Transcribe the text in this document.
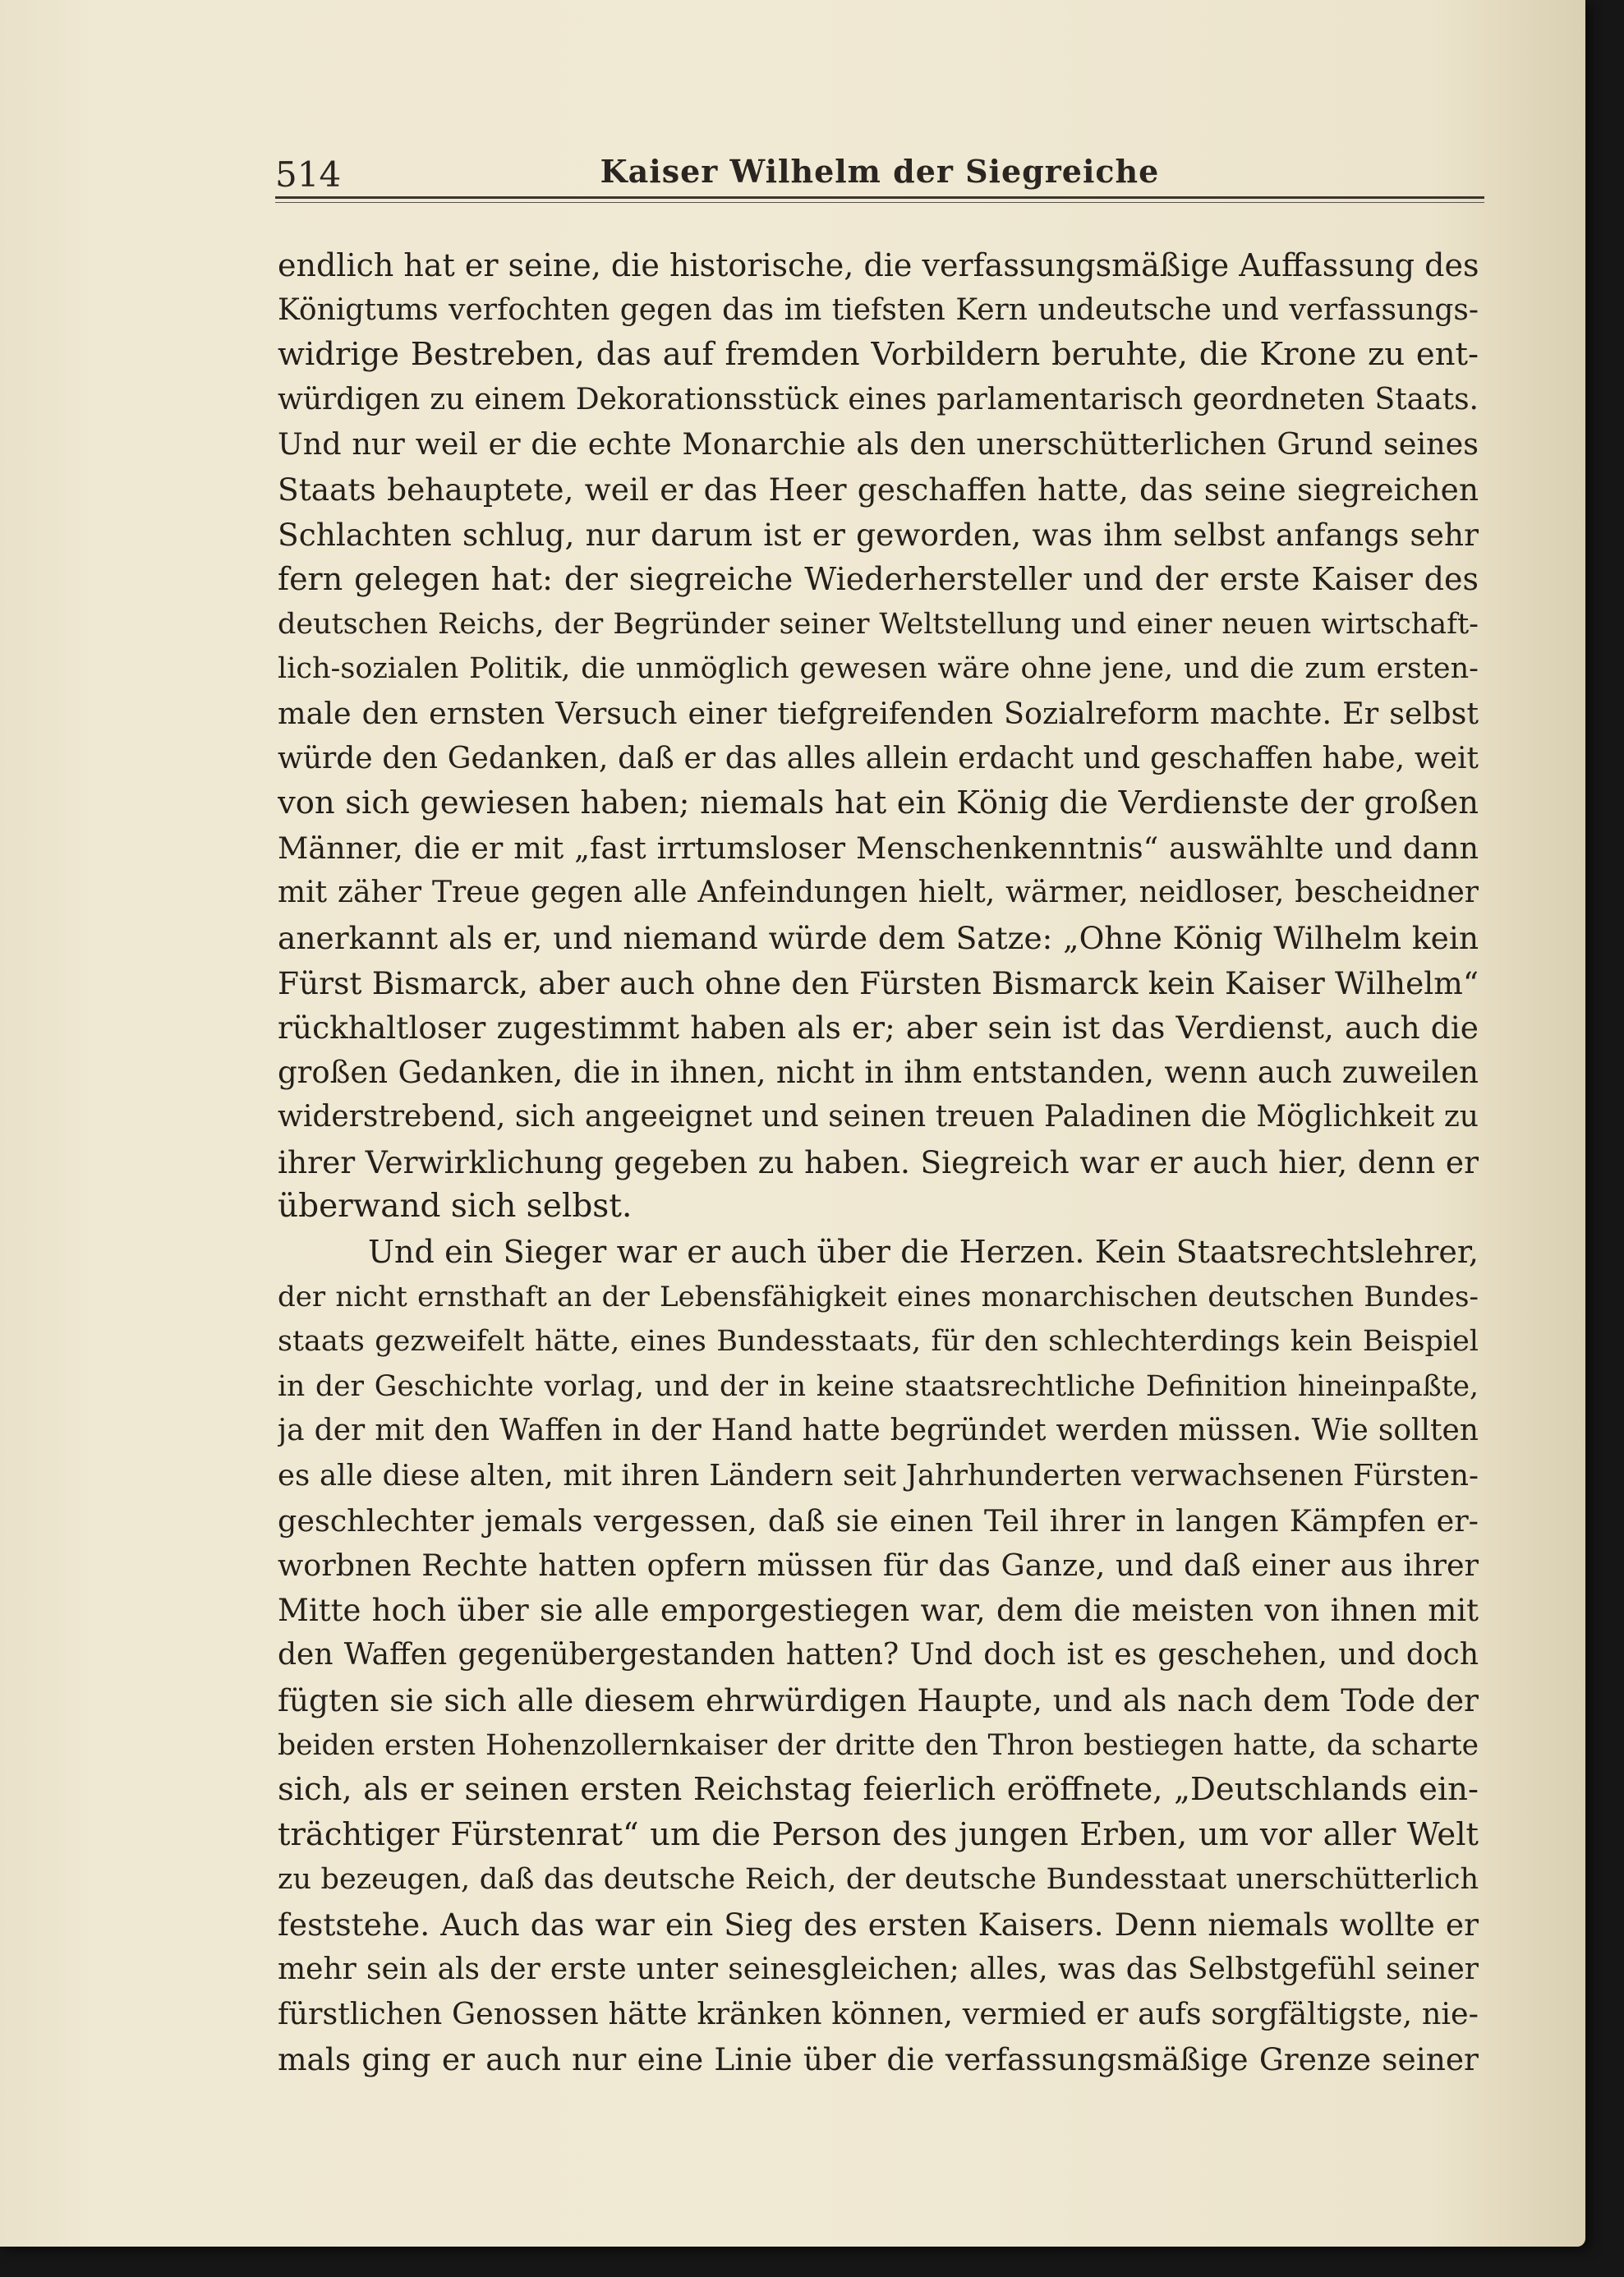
514	Kaiser Wilhelm der Siegreiche
endlich hat er seine, die historische, die verfassungsmäßige Auffassung des
Königtums verfochten gegen das im tiefsten Kern undeutsche und verfassungs-
widrige Bestreben, das auf fremden Vorbildern beruhte, die Krone zu ent-
würdigen zu einem Dekorationsstück eines parlamentarisch geordneten Staats.
Und nur weil er die echte Monarchie als den unerschütterlichen Grund seines
Staats behauptete, weil er das Heer geschaffen hatte, das seine siegreichen
Schlachten schlug, nur darum ist er geworden, was ihm selbst anfangs sehr
fern gelegen hat: der siegreiche Wiederhersteller und der erste Kaiser des
deutschen Reichs, der Begründer seiner Weltstellung und einer neuen wirtschaft-
lich-sozialen Politik, die unmöglich gewesen wäre ohne jene, und die zum ersten-
male den ernsten Versuch einer tiefgreifenden Sozialreform machte. Er selbst
würde den Gedanken, daß er das alles allein erdacht und geschaffen habe, weit
von sich gewiesen haben; niemals hat ein König die Verdienste der großen
Männer, die er mit „fast irrtumsloser Menschenkenntnis“ auswählte und dann
mit zäher Treue gegen alle Anfeindungen hielt, wärmer, neidloser, bescheidner
anerkannt als er, und niemand würde dem Satze: „Ohne König Wilhelm kein
Fürst Bismarck, aber auch ohne den Fürsten Bismarck kein Kaiser Wilhelm“
rückhaltloser zugestimmt haben als er; aber sein ist das Verdienst, auch die
großen Gedanken, die in ihnen, nicht in ihm entstanden, wenn auch zuweilen
widerstrebend, sich angeeignet und seinen treuen Paladinen die Möglichkeit zu
ihrer Verwirklichung gegeben zu haben. Siegreich war er auch hier, denn er
überwand sich selbst.
Und ein Sieger war er auch über die Herzen. Kein Staatsrechtslehrer,
der nicht ernsthaft an der Lebensfähigkeit eines monarchischen deutschen Bundes-
staats gezweifelt hätte, eines Bundesstaats, für den schlechterdings kein Beispiel
in der Geschichte vorlag, und der in keine staatsrechtliche Definition hineinpaßte,
ja der mit den Waffen in der Hand hatte begründet werden müssen. Wie sollten
es alle diese alten, mit ihren Ländern seit Jahrhunderten verwachsenen Fürsten-
geschlechter jemals vergessen, daß sie einen Teil ihrer in langen Kämpfen er-
worbnen Rechte hatten opfern müssen für das Ganze, und daß einer aus ihrer
Mitte hoch über sie alle emporgestiegen war, dem die meisten von ihnen mit
den Waffen gegenübergestanden hatten? Und doch ist es geschehen, und doch
fügten sie sich alle diesem ehrwürdigen Haupte, und als nach dem Tode der
beiden ersten Hohenzollernkaiser der dritte den Thron bestiegen hatte, da scharte
sich, als er seinen ersten Reichstag feierlich eröffnete, „Deutschlands ein-
trächtiger Fürstenrat“ um die Person des jungen Erben, um vor aller Welt
zu bezeugen, daß das deutsche Reich, der deutsche Bundesstaat unerschütterlich
feststehe. Auch das war ein Sieg des ersten Kaisers. Denn niemals wollte er
mehr sein als der erste unter seinesgleichen; alles, was das Selbstgefühl seiner
fürstlichen Genossen hätte kränken können, vermied er aufs sorgfältigste, nie-
mals ging er auch nur eine Linie über die verfassungsmäßige Grenze seiner
